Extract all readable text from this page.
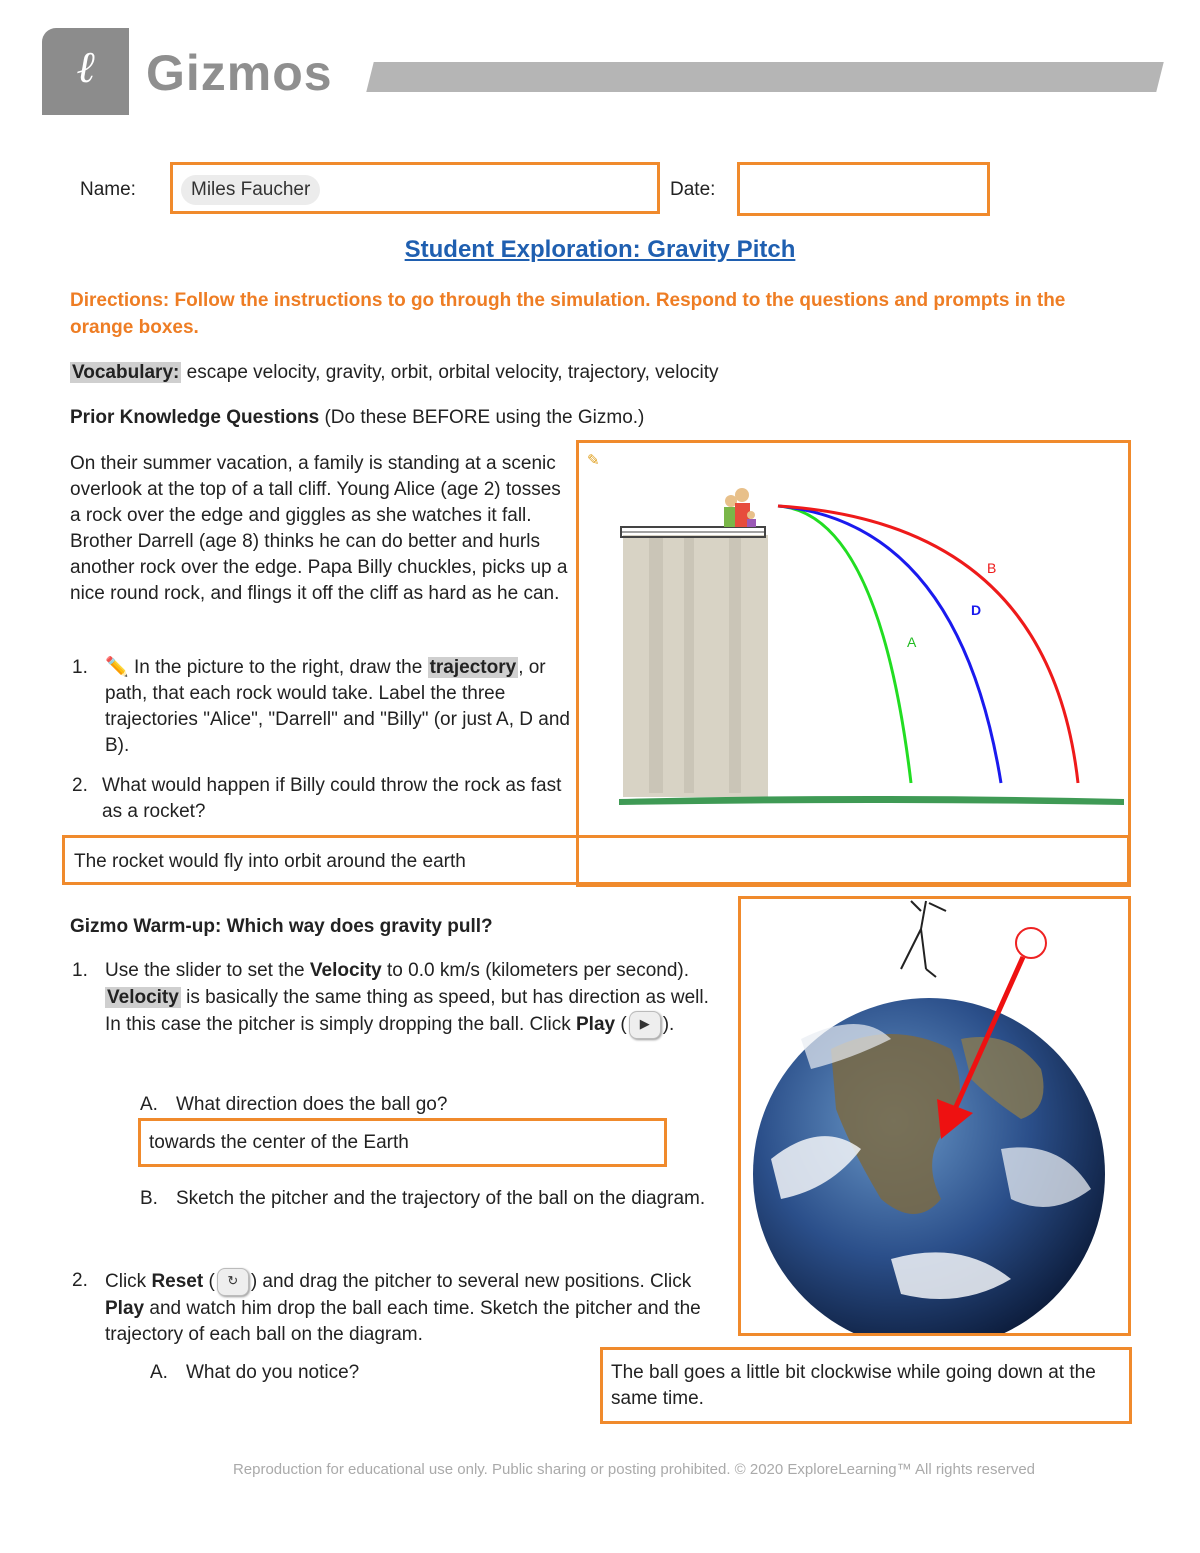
ℓ	Gizmos
Name:	Miles Faucher	Date:
Student Exploration: Gravity Pitch
Directions: Follow the instructions to go through the simulation. Respond to the questions and prompts in the orange boxes.
Vocabulary: escape velocity, gravity, orbit, orbital velocity, trajectory, velocity
Prior Knowledge Questions (Do these BEFORE using the Gizmo.)
On their summer vacation, a family is standing at a scenic overlook at the top of a tall cliff. Young Alice (age 2) tosses a rock over the edge and giggles as she watches it fall. Brother Darrell (age 8) thinks he can do better and hurls another rock over the edge. Papa Billy chuckles, picks up a nice round rock, and flings it off the cliff as hard as he can.
1. ✏️ In the picture to the right, draw the trajectory , or path, that each rock would take. Label the three trajectories "Alice", "Darrell" and "Billy" (or just A, D and B).
2. What would happen if Billy could throw the rock as fast as a rocket?
✎
A
D
B
The rocket would fly into orbit around the earth
Gizmo Warm-up: Which way does gravity pull?
1. Use the slider to set the Velocity to 0.0 km/s (kilometers per second). Velocity is basically the same thing as speed, but has direction as well. In this case the pitcher is simply dropping the ball. Click Play ( ▶ ).
A. What direction does the ball go?
towards the center of the Earth
B. Sketch the pitcher and the trajectory of the ball on the diagram.
2. Click Reset ( ↻ ) and drag the pitcher to several new positions. Click Play and watch him drop the ball each time. Sketch the pitcher and the trajectory of each ball on the diagram.
A. What do you notice?	The ball goes a little bit clockwise while going down at the same time.
Reproduction for educational use only. Public sharing or posting prohibited. © 2020 ExploreLearning™ All rights reserved
